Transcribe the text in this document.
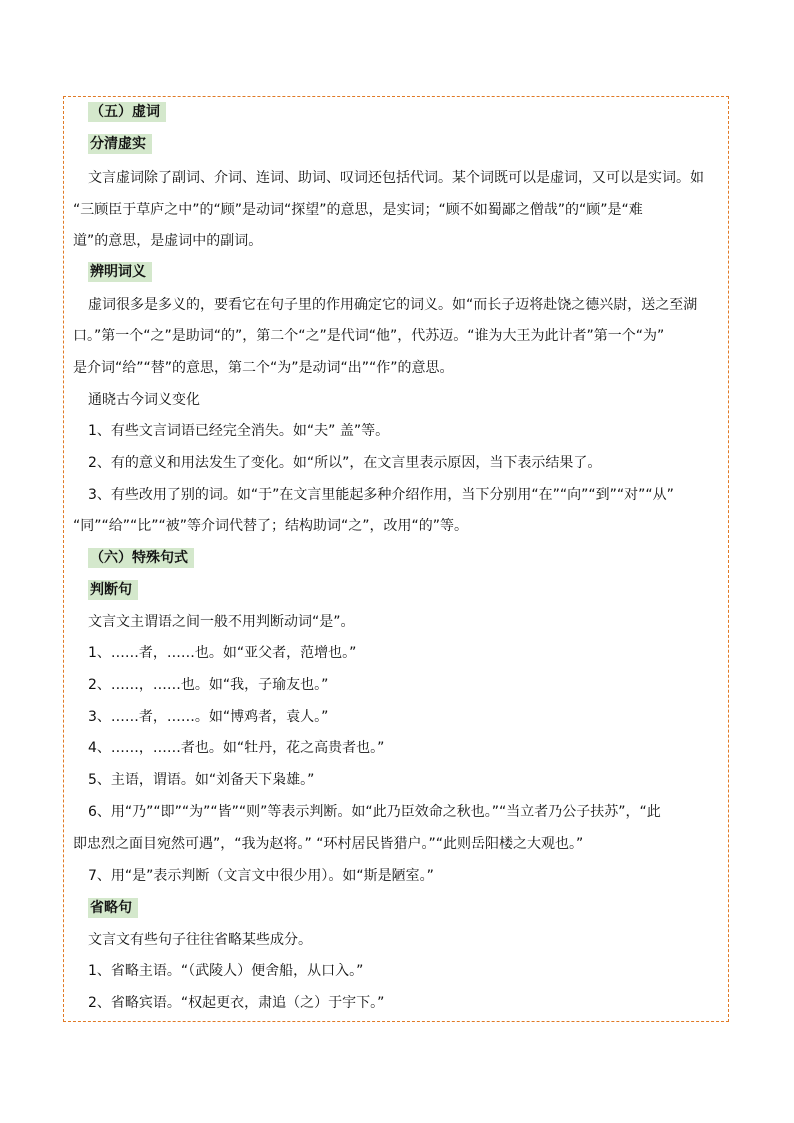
（五）虚词
分清虚实
文言虚词除了副词、介词、连词、助词、叹词还包括代词。某个词既可以是虚词，又可以是实词。如
“三顾臣于草庐之中”的“顾”是动词“探望”的意思，是实词；“顾不如蜀鄙之僧哉”的“顾”是“难
道”的意思，是虚词中的副词。
辨明词义
虚词很多是多义的，要看它在句子里的作用确定它的词义。如“而长子迈将赴饶之德兴尉，送之至湖
口。”第一个“之”是助词“的”，第二个“之”是代词“他”，代苏迈。“谁为大王为此计者”第一个“为”
是介词“给”“替”的意思，第二个“为”是动词“出”“作”的意思。
通晓古今词义变化
1、有些文言词语已经完全消失。如“夫” 盖”等。
2、有的意义和用法发生了变化。如“所以”，在文言里表示原因，当下表示结果了。
3、有些改用了别的词。如“于”在文言里能起多种介绍作用，当下分别用“在”“向”“到”“对”“从”
“同”“给”“比”“被”等介词代替了；结构助词“之”，改用“的”等。
（六）特殊句式
判断句
文言文主谓语之间一般不用判断动词“是”。
1、……者，……也。如“亚父者，范增也。”
2、……，……也。如“我，子瑜友也。”
3、……者，……。如“博鸡者，袁人。”
4、……，……者也。如“牡丹，花之高贵者也。”
5、主语，谓语。如“刘备天下枭雄。”
6、用“乃”“即”“为”“皆”“则”等表示判断。如“此乃臣效命之秋也。”“当立者乃公子扶苏”，“此
即忠烈之面目宛然可遇”，“我为赵将。” “环村居民皆猎户。”“此则岳阳楼之大观也。”
7、用“是”表示判断（文言文中很少用）。如“斯是陋室。”
省略句
文言文有些句子往往省略某些成分。
1、省略主语。“（武陵人）便舍船，从口入。”
2、省略宾语。“权起更衣，肃追（之）于宇下。”
